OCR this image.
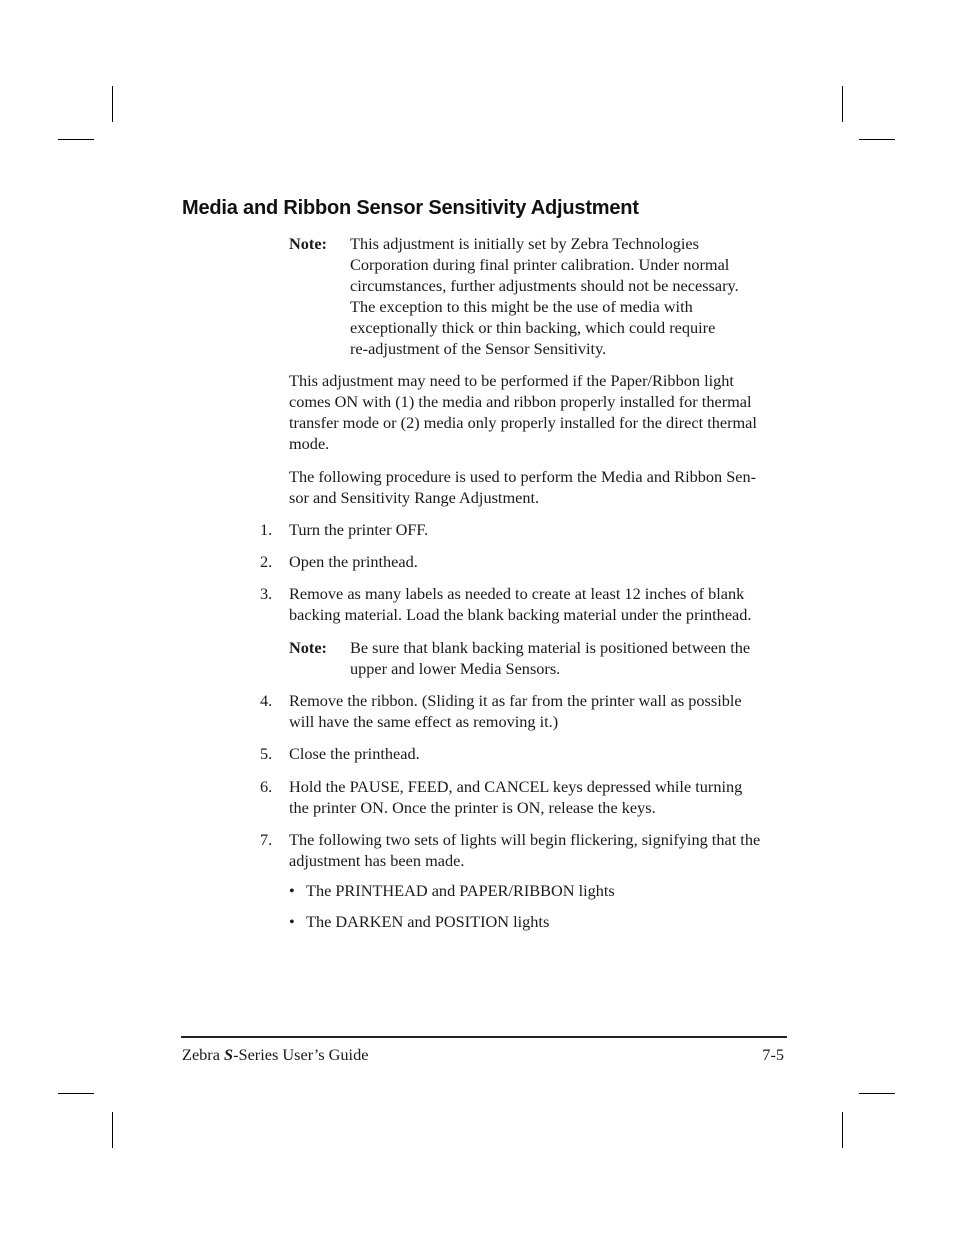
Media and Ribbon Sensor Sensitivity Adjustment
Note: This adjustment is initially set by Zebra Technologies
Corporation during final printer calibration. Under normal
circumstances, further adjustments should not be necessary.
The exception to this might be the use of media with
exceptionally thick or thin backing, which could require
re-adjustment of the Sensor Sensitivity.
This adjustment may need to be performed if the Paper/Ribbon light
comes ON with (1) the media and ribbon properly installed for thermal
transfer mode or (2) media only properly installed for the direct thermal
mode.
The following procedure is used to perform the Media and Ribbon Sen-
sor and Sensitivity Range Adjustment.
1. Turn the printer OFF.
2. Open the printhead.
3. Remove as many labels as needed to create at least 12 inches of blank
backing material. Load the blank backing material under the printhead.
Note: Be sure that blank backing material is positioned between the
upper and lower Media Sensors.
4. Remove the ribbon. (Sliding it as far from the printer wall as possible
will have the same effect as removing it.)
5. Close the printhead.
6. Hold the PAUSE, FEED, and CANCEL keys depressed while turning
the printer ON. Once the printer is ON, release the keys.
7. The following two sets of lights will begin flickering, signifying that the
adjustment has been made.
• The PRINTHEAD and PAPER/RIBBON lights
• The DARKEN and POSITION lights
Zebra S-Series User’s Guide	7-5
